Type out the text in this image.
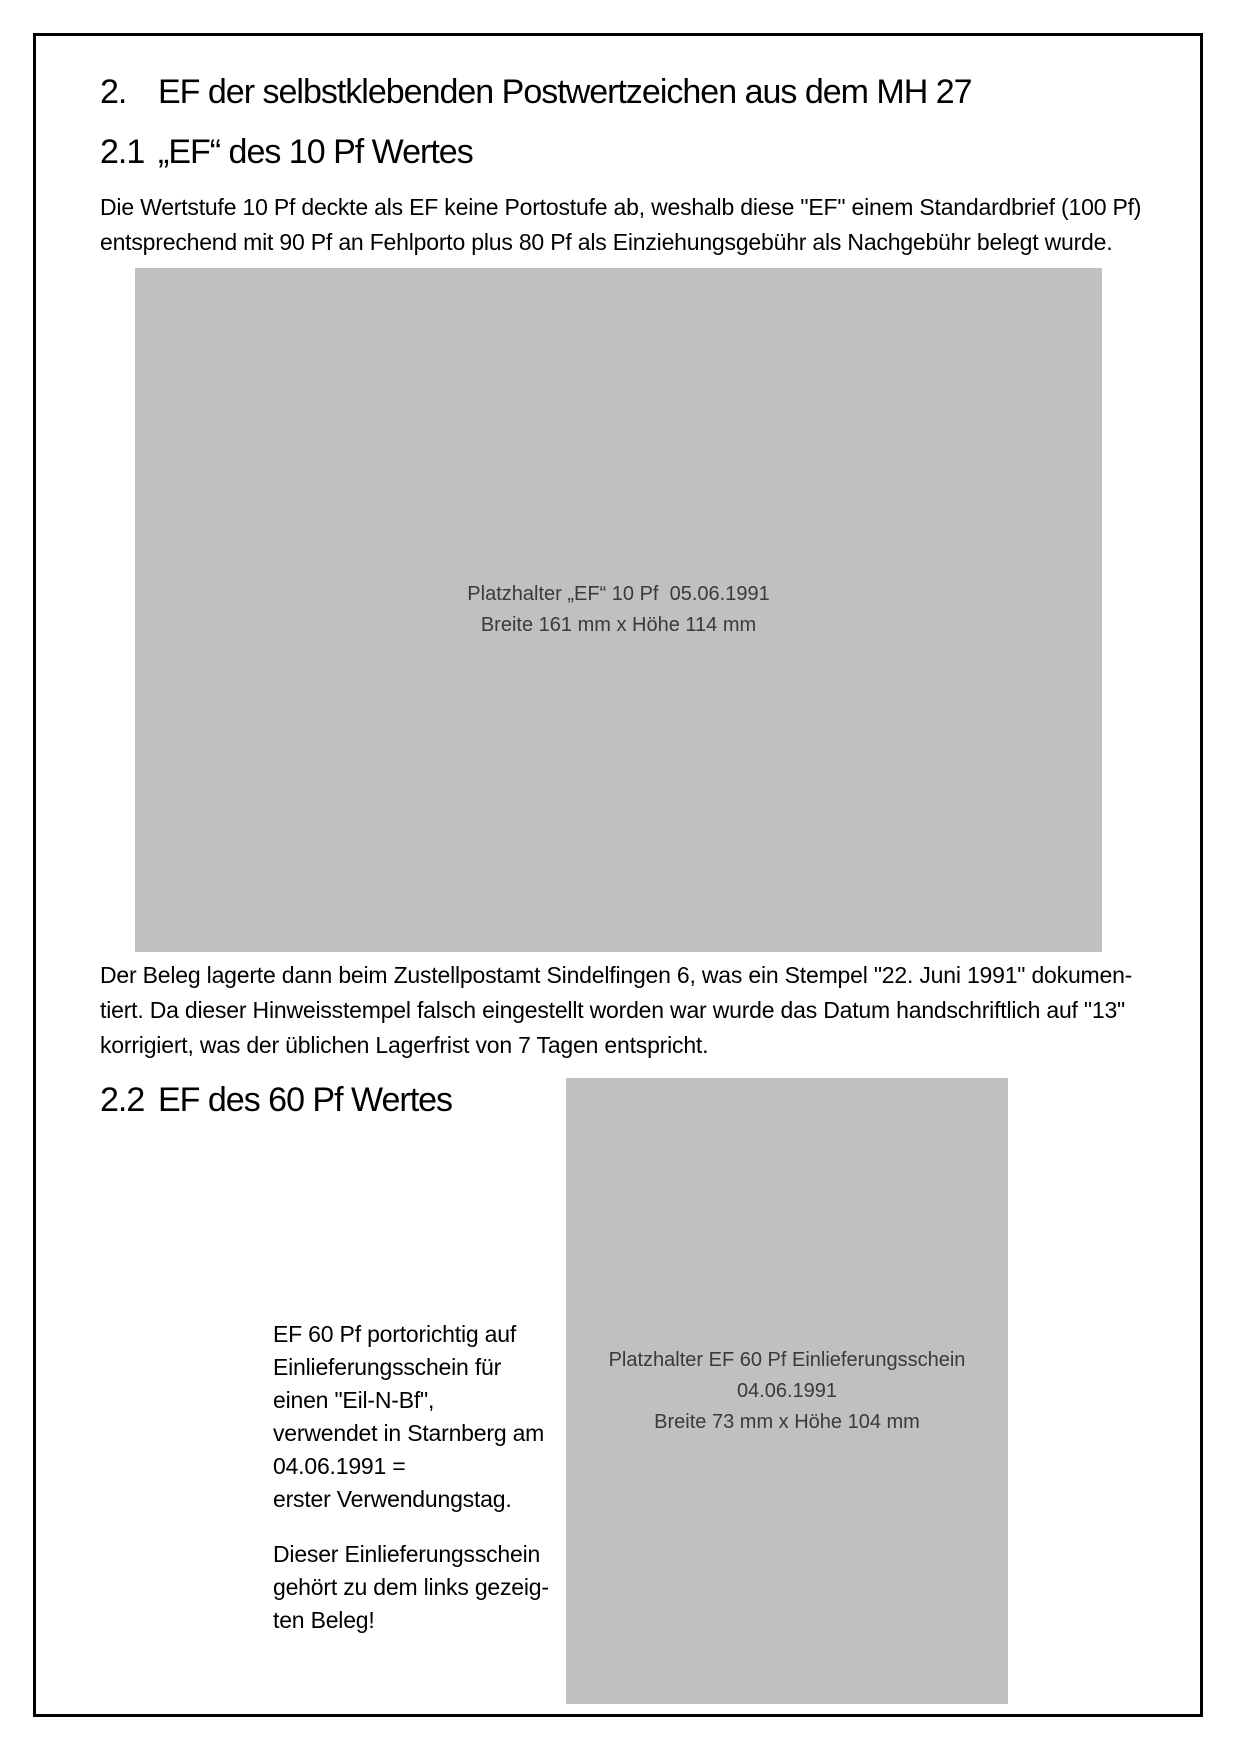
2. EF der selbstklebenden Postwertzeichen aus dem MH 27
2.1 „EF“ des 10 Pf Wertes
Die Wertstufe 10 Pf deckte als EF keine Portostufe ab, weshalb diese "EF" einem Standardbrief (100 Pf)
entsprechend mit 90 Pf an Fehlporto plus 80 Pf als Einziehungsgebühr als Nachgebühr belegt wurde.
Platzhalter „EF“ 10 Pf  05.06.1991
Breite 161 mm x Höhe 114 mm
Der Beleg lagerte dann beim Zustellpostamt Sindelfingen 6, was ein Stempel "22. Juni 1991" dokumen-
tiert. Da dieser Hinweisstempel falsch eingestellt worden war wurde das Datum handschriftlich auf "13"
korrigiert, was der üblichen Lagerfrist von 7 Tagen entspricht.
2.2 EF des 60 Pf Wertes
Platzhalter EF 60 Pf Einlieferungsschein
04.06.1991
Breite 73 mm x Höhe 104 mm
EF 60 Pf portorichtig auf
Einlieferungsschein für
einen "Eil-N-Bf",
verwendet in Starnberg am
04.06.1991 =
erster Verwendungstag.
Dieser Einlieferungsschein
gehört zu dem links gezeig-
ten Beleg!
